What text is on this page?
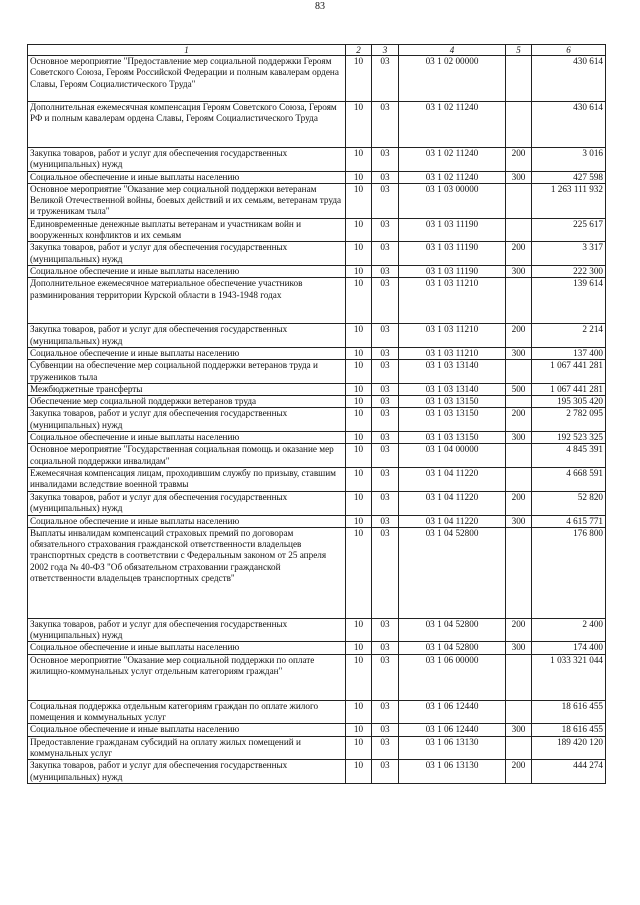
83
1	2	3	4	5	6
Основное мероприятие "Предоставление мер социальной поддержки Героям Советского Союза, Героям Российской Федерации и полным кавалерам ордена Славы, Героям Социалистического Труда"	10	03	03 1 02 00000		430 614
Дополнительная ежемесячная компенсация Героям Советского Союза, Героям РФ и полным кавалерам ордена Славы, Героям Социалистического Труда	10	03	03 1 02 11240		430 614
Закупка товаров, работ и услуг для обеспечения государственных (муниципальных) нужд	10	03	03 1 02 11240	200	3 016
Социальное обеспечение и иные выплаты населению	10	03	03 1 02 11240	300	427 598
Основное мероприятие "Оказание мер социальной поддержки ветеранам Великой Отечественной войны, боевых действий и их семьям, ветеранам труда и труженикам тыла"	10	03	03 1 03 00000		1 263 111 932
Единовременные денежные выплаты ветеранам и участникам войн и вооруженных конфликтов и их семьям	10	03	03 1 03 11190		225 617
Закупка товаров, работ и услуг для обеспечения государственных (муниципальных) нужд	10	03	03 1 03 11190	200	3 317
Социальное обеспечение и иные выплаты населению	10	03	03 1 03 11190	300	222 300
Дополнительное ежемесячное материальное обеспечение участников разминирования территории Курской области в 1943-1948 годах	10	03	03 1 03 11210		139 614
Закупка товаров, работ и услуг для обеспечения государственных (муниципальных) нужд	10	03	03 1 03 11210	200	2 214
Социальное обеспечение и иные выплаты населению	10	03	03 1 03 11210	300	137 400
Субвенции на обеспечение мер социальной поддержки ветеранов труда и тружеников тыла	10	03	03 1 03 13140		1 067 441 281
Межбюджетные трансферты	10	03	03 1 03 13140	500	1 067 441 281
Обеспечение мер социальной поддержки ветеранов труда	10	03	03 1 03 13150		195 305 420
Закупка товаров, работ и услуг для обеспечения государственных (муниципальных) нужд	10	03	03 1 03 13150	200	2 782 095
Социальное обеспечение и иные выплаты населению	10	03	03 1 03 13150	300	192 523 325
Основное мероприятие "Государственная социальная помощь и оказание мер социальной поддержки инвалидам"	10	03	03 1 04 00000		4 845 391
Ежемесячная компенсация лицам, проходившим службу по призыву, ставшим инвалидами вследствие военной травмы	10	03	03 1 04 11220		4 668 591
Закупка товаров, работ и услуг для обеспечения государственных (муниципальных) нужд	10	03	03 1 04 11220	200	52 820
Социальное обеспечение и иные выплаты населению	10	03	03 1 04 11220	300	4 615 771
Выплаты инвалидам компенсаций страховых премий по договорам обязательного страхования гражданской ответственности владельцев транспортных средств в соответствии с Федеральным законом от 25 апреля 2002 года № 40-ФЗ "Об обязательном страховании гражданской ответственности владельцев транспортных средств"	10	03	03 1 04 52800		176 800
Закупка товаров, работ и услуг для обеспечения государственных (муниципальных) нужд	10	03	03 1 04 52800	200	2 400
Социальное обеспечение и иные выплаты населению	10	03	03 1 04 52800	300	174 400
Основное мероприятие "Оказание мер социальной поддержки по оплате жилищно-коммунальных услуг отдельным категориям граждан"	10	03	03 1 06 00000		1 033 321 044
Социальная поддержка отдельным категориям граждан по оплате жилого помещения и коммунальных услуг	10	03	03 1 06 12440		18 616 455
Социальное обеспечение и иные выплаты населению	10	03	03 1 06 12440	300	18 616 455
Предоставление гражданам субсидий на оплату жилых помещений и коммунальных услуг	10	03	03 1 06 13130		189 420 120
Закупка товаров, работ и услуг для обеспечения государственных (муниципальных) нужд	10	03	03 1 06 13130	200	444 274
